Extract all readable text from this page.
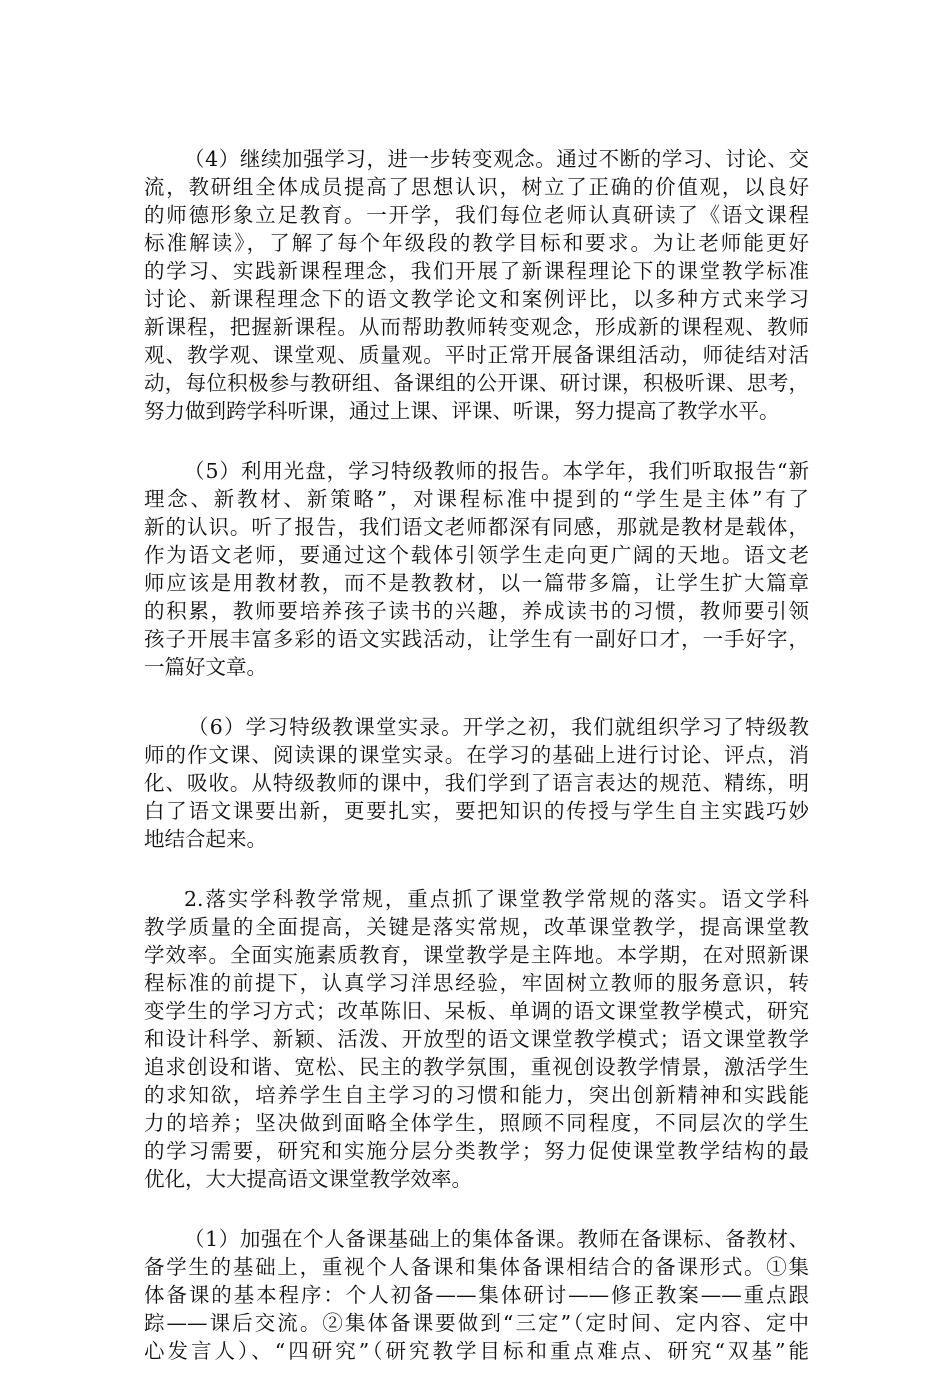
（4）继续加强学习，进一步转变观念。通过不断的学习、讨论、交
流，教研组全体成员提高了思想认识，树立了正确的价值观，以良好
的师德形象立足教育。一开学，我们每位老师认真研读了《语文课程
标准解读》，了解了每个年级段的教学目标和要求。为让老师能更好
的学习、实践新课程理念，我们开展了新课程理论下的课堂教学标准
讨论、新课程理念下的语文教学论文和案例评比，以多种方式来学习
新课程，把握新课程。从而帮助教师转变观念，形成新的课程观、教师
观、教学观、课堂观、质量观。平时正常开展备课组活动，师徒结对活
动，每位积极参与教研组、备课组的公开课、研讨课，积极听课、思考，
努力做到跨学科听课，通过上课、评课、听课，努力提高了教学水平。

（5）利用光盘，学习特级教师的报告。本学年，我们听取报告“新
理念、新教材、新策略”，对课程标准中提到的“学生是主体”有了
新的认识。听了报告，我们语文老师都深有同感，那就是教材是载体，
作为语文老师，要通过这个载体引领学生走向更广阔的天地。语文老
师应该是用教材教，而不是教教材，以一篇带多篇，让学生扩大篇章
的积累，教师要培养孩子读书的兴趣，养成读书的习惯，教师要引领
孩子开展丰富多彩的语文实践活动，让学生有一副好口才，一手好字，
一篇好文章。

（6）学习特级教课堂实录。开学之初，我们就组织学习了特级教
师的作文课、阅读课的课堂实录。在学习的基础上进行讨论、评点，消
化、吸收。从特级教师的课中，我们学到了语言表达的规范、精练，明
白了语文课要出新，更要扎实，要把知识的传授与学生自主实践巧妙
地结合起来。

2.落实学科教学常规，重点抓了课堂教学常规的落实。语文学科
教学质量的全面提高，关键是落实常规，改革课堂教学，提高课堂教
学效率。全面实施素质教育，课堂教学是主阵地。本学期，在对照新课
程标准的前提下，认真学习洋思经验，牢固树立教师的服务意识，转
变学生的学习方式；改革陈旧、呆板、单调的语文课堂教学模式，研究
和设计科学、新颖、活泼、开放型的语文课堂教学模式；语文课堂教学
追求创设和谐、宽松、民主的教学氛围，重视创设教学情景，激活学生
的求知欲，培养学生自主学习的习惯和能力，突出创新精神和实践能
力的培养；坚决做到面略全体学生，照顾不同程度，不同层次的学生
的学习需要，研究和实施分层分类教学；努力促使课堂教学结构的最
优化，大大提高语文课堂教学效率。

（1）加强在个人备课基础上的集体备课。教师在备课标、备教材、
备学生的基础上，重视个人备课和集体备课相结合的备课形式。①集
体备课的基本程序：个人初备——集体研讨——修正教案——重点跟
踪——课后交流。②集体备课要做到“三定”（定时间、定内容、定中
心发言人）、“四研究”（研究教学目标和重点难点、研究“双基”能
